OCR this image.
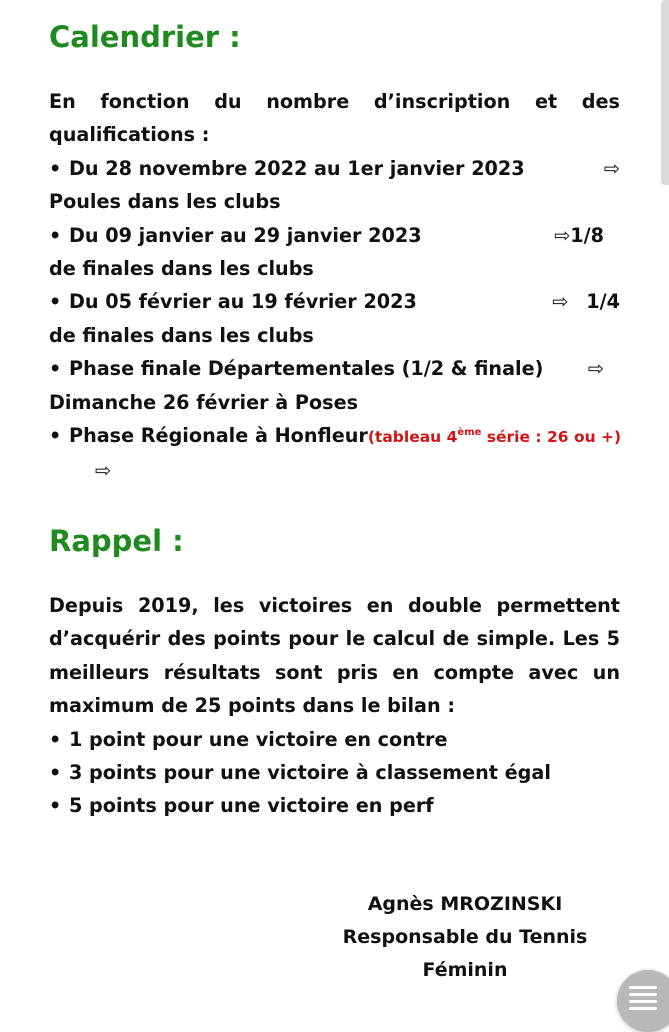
Calendrier :
En fonction du nombre d’inscription et des
qualifications :
• Du 28 novembre 2022 au 1er janvier 2023	⇨
Poules dans les clubs
• Du 09 janvier au 29 janvier 2023	⇨1/8
de finales dans les clubs
• Du 05 février au 19 février 2023	⇨ 1/4
de finales dans les clubs
• Phase finale Départementales (1/2 & finale) ⇨
Dimanche 26 février à Poses
• Phase Régionale à Honfleur (tableau 4ème série : 26 ou +)
⇨
Rappel :
Depuis 2019, les victoires en double permettent
d’acquérir des points pour le calcul de simple. Les 5
meilleurs résultats sont pris en compte avec un
maximum de 25 points dans le bilan :
• 1 point pour une victoire en contre
• 3 points pour une victoire à classement égal
• 5 points pour une victoire en perf
Agnès MROZINSKI
Responsable du Tennis
Féminin
